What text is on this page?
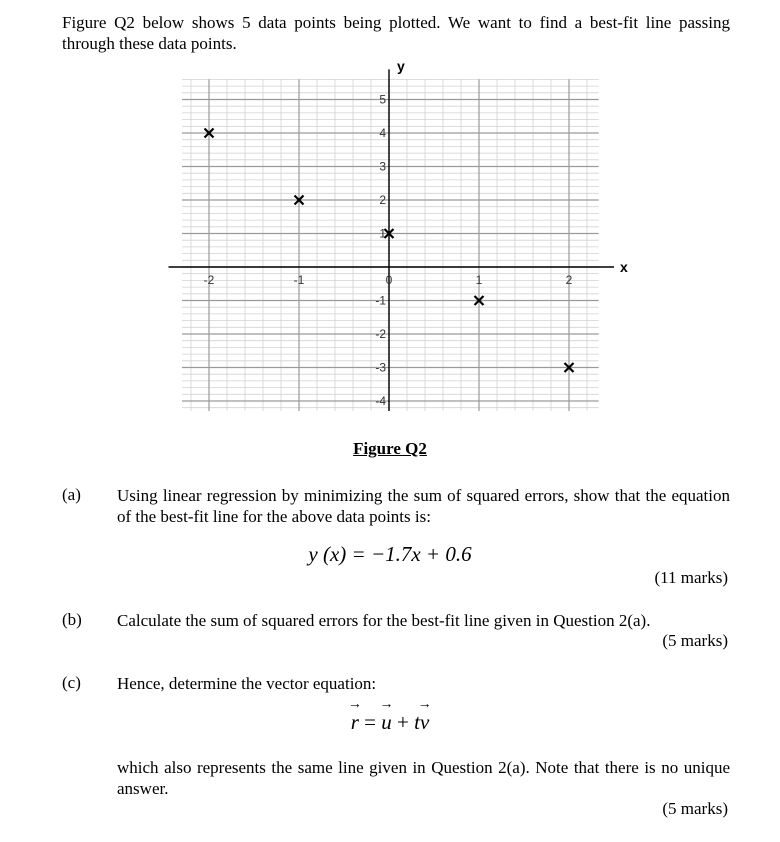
Figure Q2 below shows 5 data points being plotted. We want to find a best-fit line passing through these data points.
-2	-1	0	1	2
5
4
3
2
1
-1
-2
-3
-4
x
y
Figure Q2
(a) Using linear regression by minimizing the sum of squared errors, show that the equation of the best-fit line for the above data points is:
y (x) = −1.7x + 0.6
(11 marks)
(b) Calculate the sum of squared errors for the best-fit line given in Question 2(a).
(5 marks)
(c) Hence, determine the vector equation:
→ r = → u + t→ v
which also represents the same line given in Question 2(a). Note that there is no unique answer.
(5 marks)
